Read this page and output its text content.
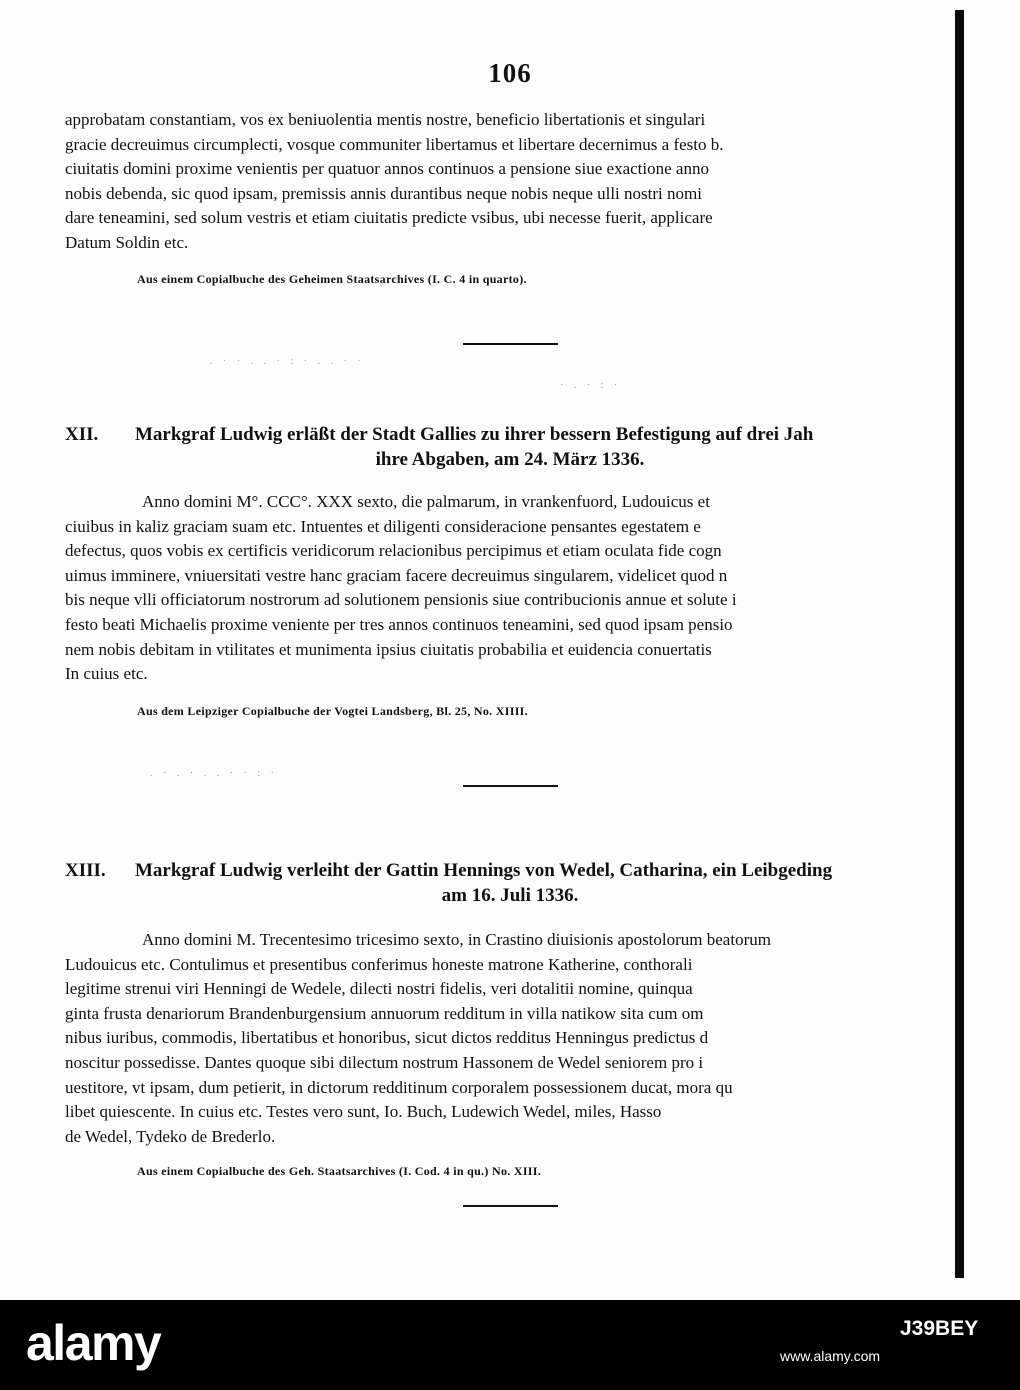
106
approbatam constantiam, vos ex beniuolentia mentis nostre, beneficio libertationis et singulari
gracie decreuimus circumplecti, vosque communiter libertamus et libertare decernimus a festo b.
ciuitatis domini proxime venientis per quatuor annos continuos a pensione siue exactione anno
nobis debenda, sic quod ipsam, premissis annis durantibus neque nobis neque ulli nostri nomi
dare teneamini, sed solum vestris et etiam ciuitatis predicte vsibus, ubi necesse fuerit, applicare
Datum Soldin etc.
Aus einem Copialbuche des Geheimen Staatsarchives (I. C. 4 in quarto).
. · · . . · : · . . · ·
· . · : ·
XII. Markgraf Ludwig erläßt der Stadt Gallies zu ihrer bessern Befestigung auf drei Jah
ihre Abgaben, am 24. März 1336.
Anno domini M°. CCC°. XXX sexto, die palmarum, in vrankenfuord, Ludouicus et
ciuibus in kaliz graciam suam etc. Intuentes et diligenti consideracione pensantes egestatem e
defectus, quos vobis ex certificis veridicorum relacionibus percipimus et etiam oculata fide cogn
uimus imminere, vniuersitati vestre hanc graciam facere decreuimus singularem, videlicet quod n
bis neque vlli officiatorum nostrorum ad solutionem pensionis siue contribucionis annue et solute i
festo beati Michaelis proxime veniente per tres annos continuos teneamini, sed quod ipsam pensio
nem nobis debitam in vtilitates et munimenta ipsius ciuitatis probabilia et euidencia conuertatis
In cuius etc.
Aus dem Leipziger Copialbuche der Vogtei Landsberg, Bl. 25, No. XIIII.
. · . · . . · · : ·
XIII. Markgraf Ludwig verleiht der Gattin Hennings von Wedel, Catharina, ein Leibgeding
am 16. Juli 1336.
Anno domini M. Trecentesimo tricesimo sexto, in Crastino diuisionis apostolorum beatorum
Ludouicus etc. Contulimus et presentibus conferimus honeste matrone Katherine, conthorali
legitime strenui viri Henningi de Wedele, dilecti nostri fidelis, veri dotalitii nomine, quinqua
ginta frusta denariorum Brandenburgensium annuorum redditum in villa natikow sita cum om
nibus iuribus, commodis, libertatibus et honoribus, sicut dictos redditus Henningus predictus d
noscitur possedisse. Dantes quoque sibi dilectum nostrum Hassonem de Wedel seniorem pro i
uestitore, vt ipsam, dum petierit, in dictorum redditinum corporalem possessionem ducat, mora qu
libet quiescente. In cuius etc. Testes vero sunt, Io. Buch, Ludewich Wedel, miles, Hasso
de Wedel, Tydeko de Brederlo.
Aus einem Copialbuche des Geh. Staatsarchives (I. Cod. 4 in qu.) No. XIII.
alamy	J39BEY
www.alamy.com
